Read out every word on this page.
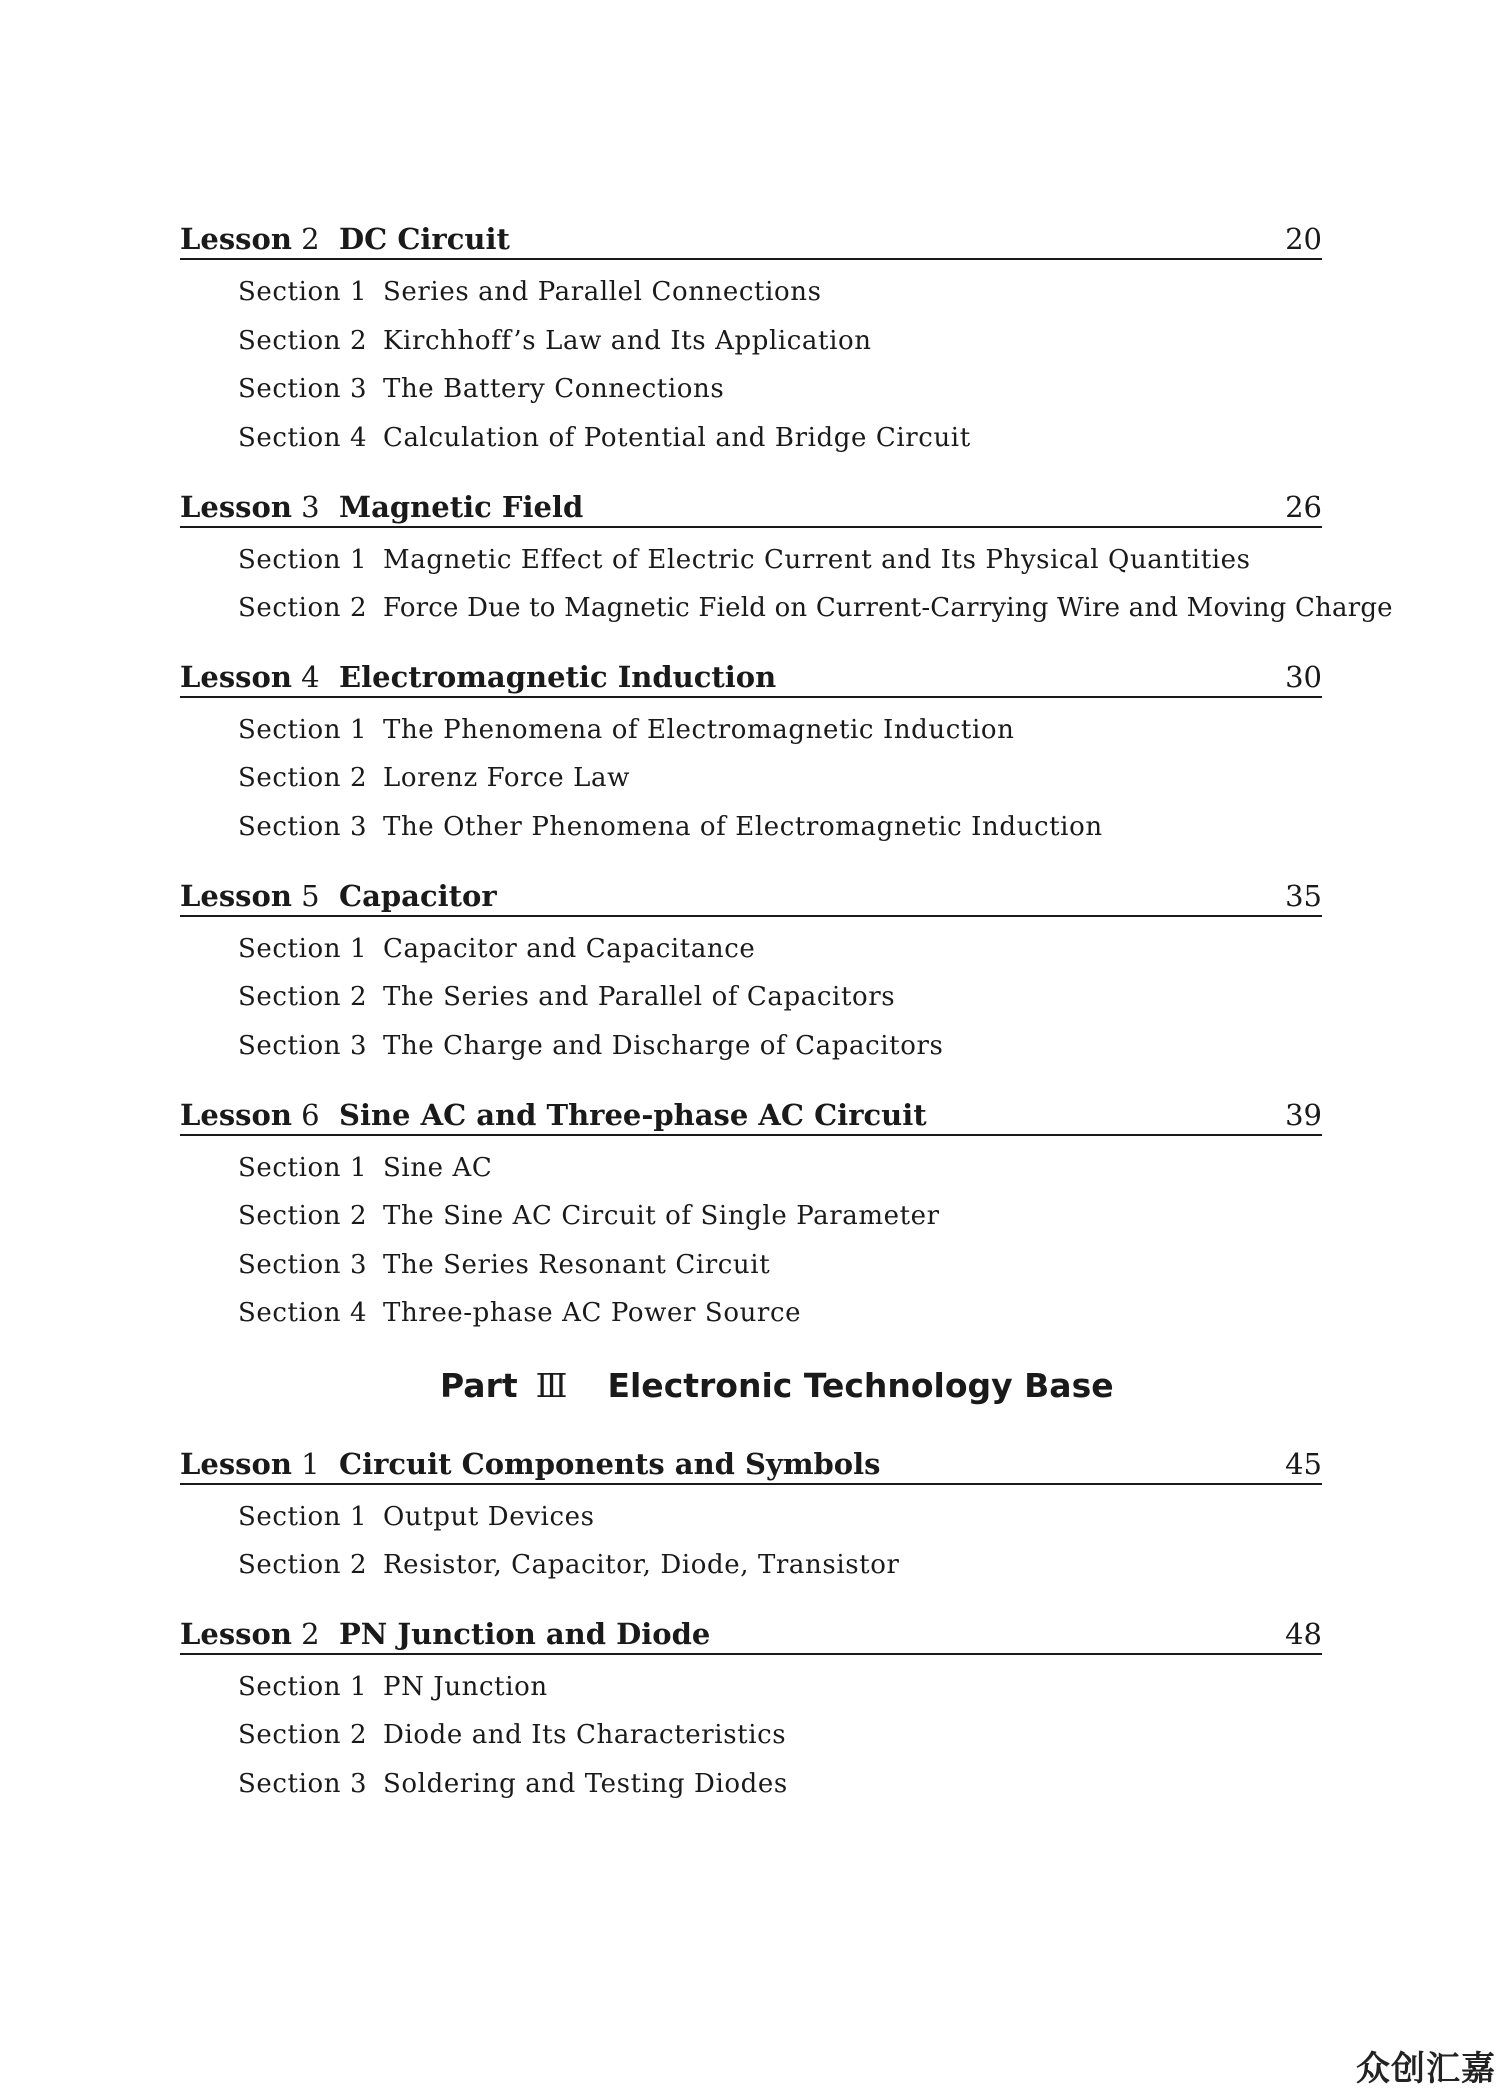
Lesson 2 DC Circuit	20
Section 1 Series and Parallel Connections
Section 2 Kirchhoff’s Law and Its Application
Section 3 The Battery Connections
Section 4 Calculation of Potential and Bridge Circuit
Lesson 3 Magnetic Field	26
Section 1 Magnetic Effect of Electric Current and Its Physical Quantities
Section 2 Force Due to Magnetic Field on Current-Carrying Wire and Moving Charge
Lesson 4 Electromagnetic Induction	30
Section 1 The Phenomena of Electromagnetic Induction
Section 2 Lorenz Force Law
Section 3 The Other Phenomena of Electromagnetic Induction
Lesson 5 Capacitor	35
Section 1 Capacitor and Capacitance
Section 2 The Series and Parallel of Capacitors
Section 3 The Charge and Discharge of Capacitors
Lesson 6 Sine AC and Three-phase AC Circuit	39
Section 1 Sine AC
Section 2 The Sine AC Circuit of Single Parameter
Section 3 The Series Resonant Circuit
Section 4 Three-phase AC Power Source
Part Ⅲ Electronic Technology Base
Lesson 1 Circuit Components and Symbols	45
Section 1 Output Devices
Section 2 Resistor, Capacitor, Diode, Transistor
Lesson 2 PN Junction and Diode	48
Section 1 PN Junction
Section 2 Diode and Its Characteristics
Section 3 Soldering and Testing Diodes
众创汇嘉
